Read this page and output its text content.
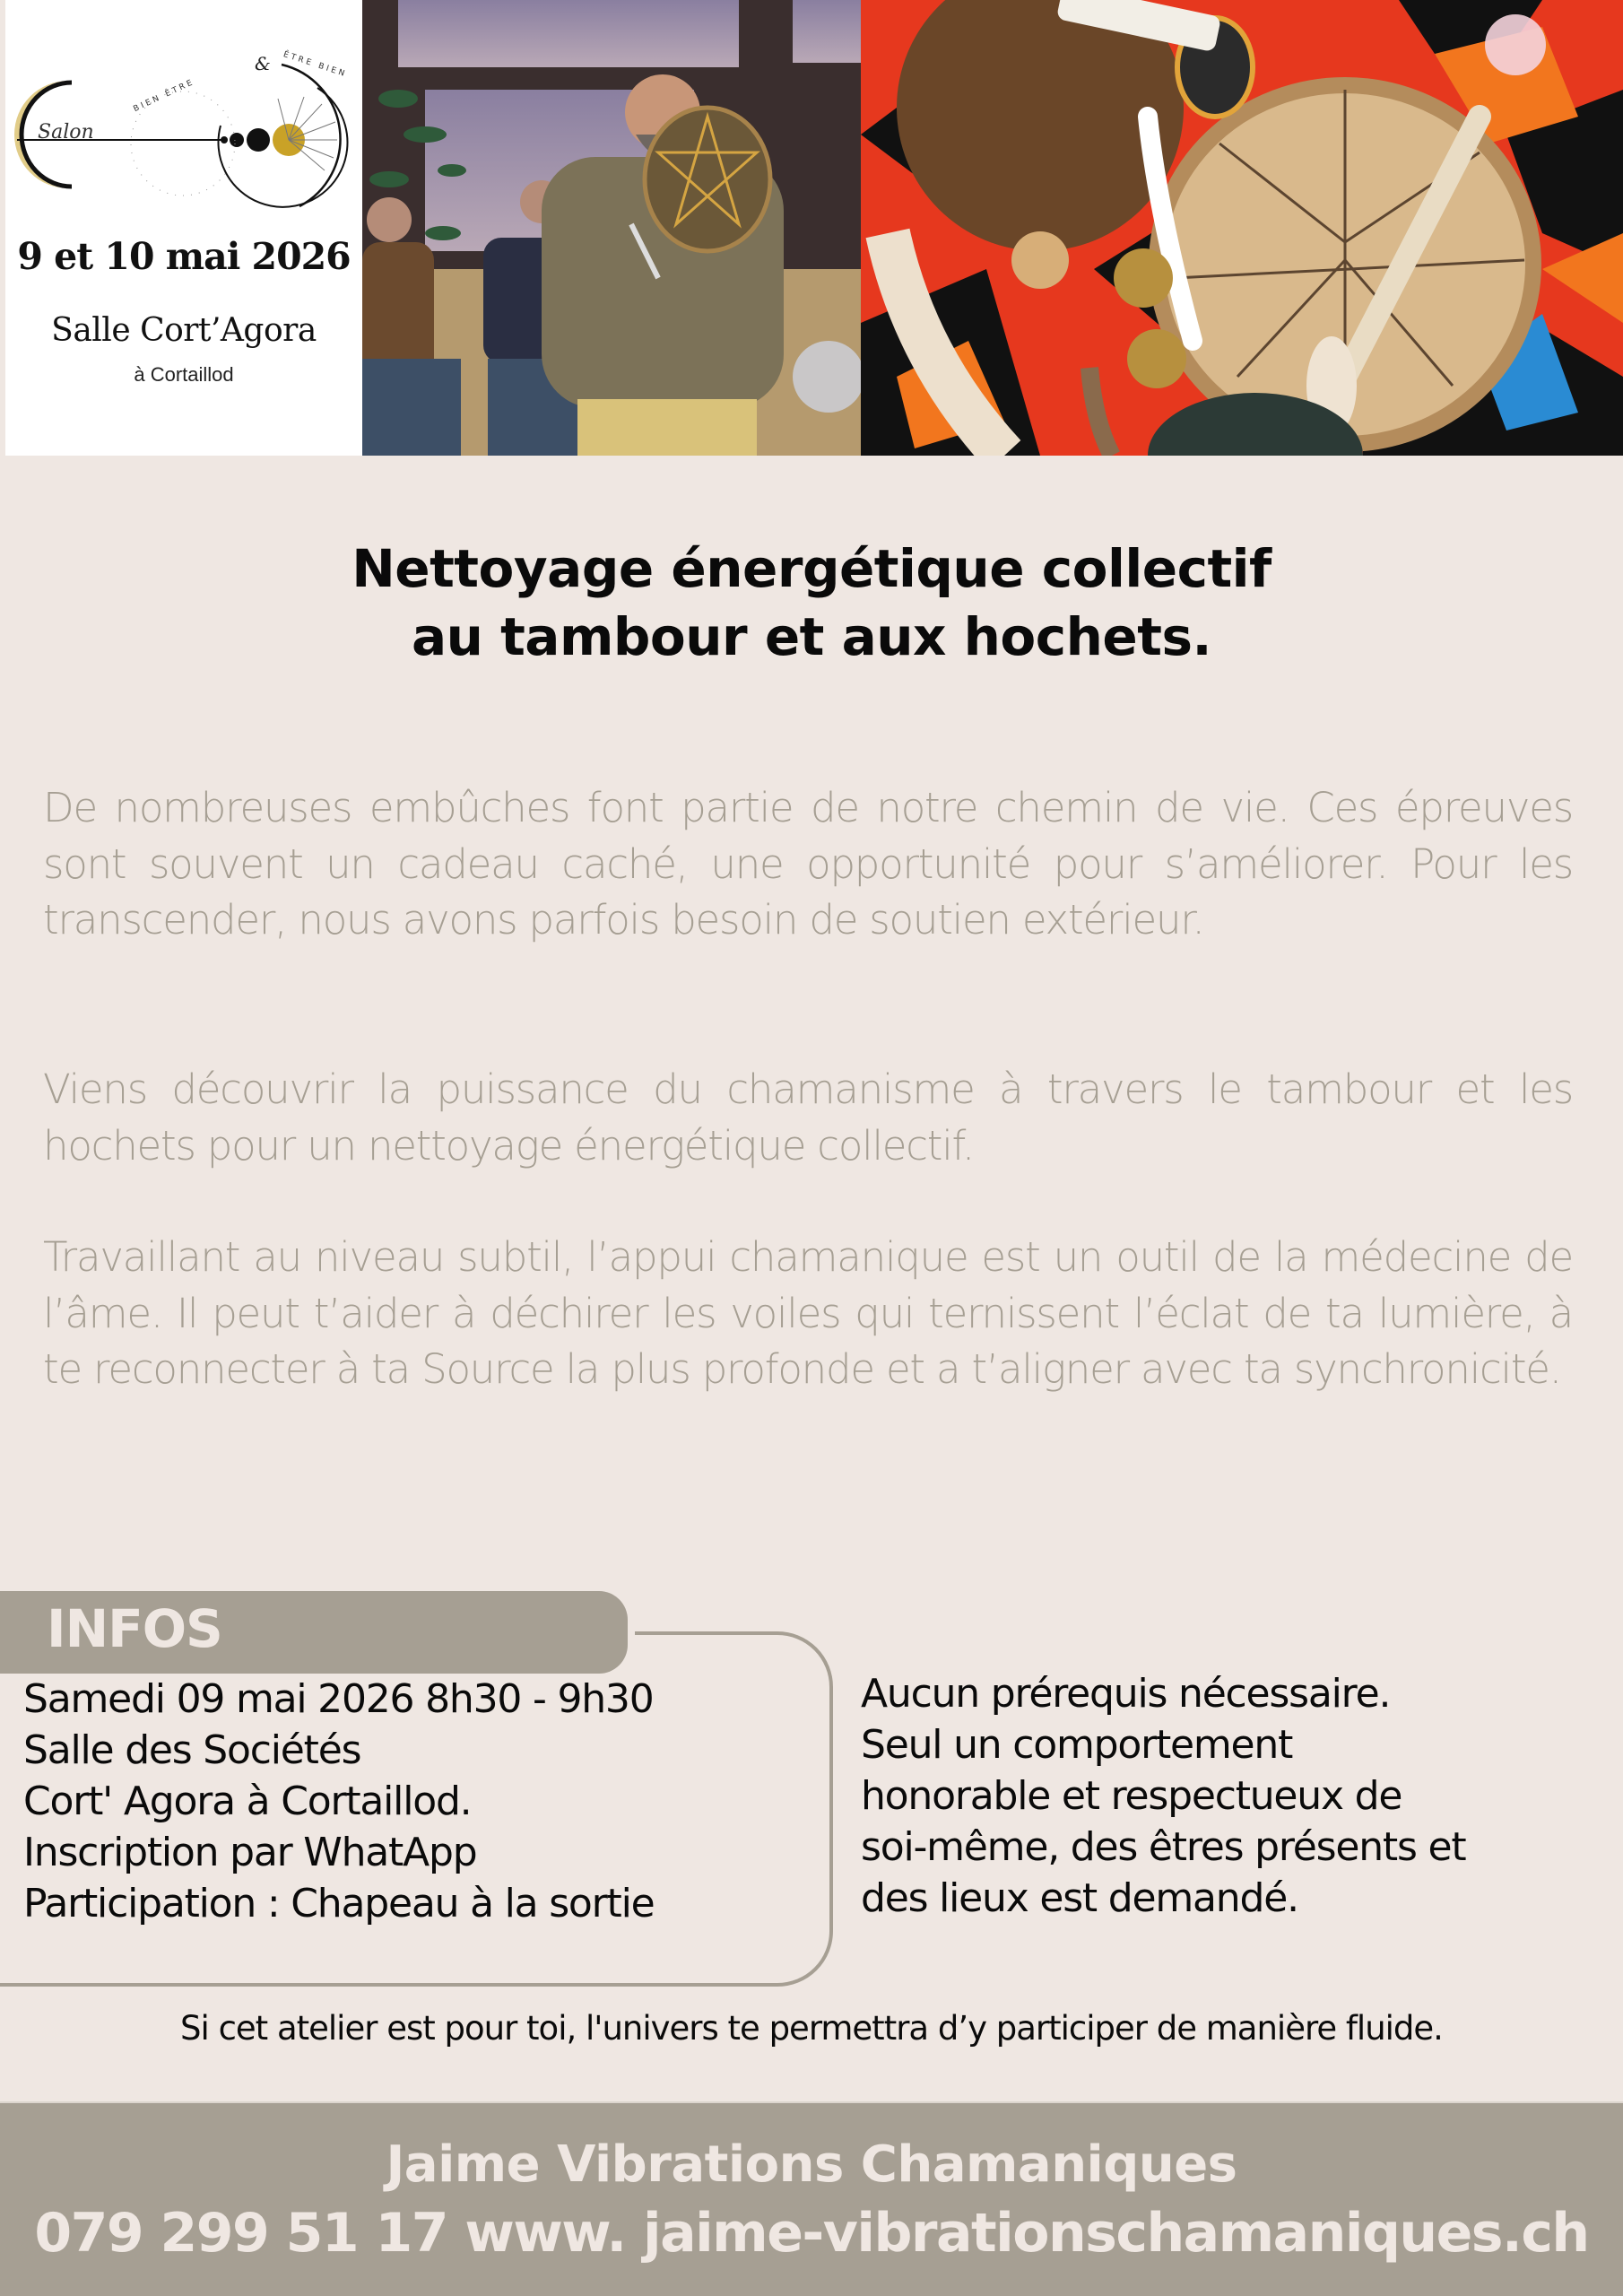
Salon
BIEN ÊTRE
& ÊTRE BIEN
9 et 10 mai 2026
Salle Cort’Agora
à Cortaillod
Nettoyage énergétique collectif
au tambour et aux hochets.

De nombreuses embûches font partie de notre chemin de vie. Ces épreuves sont souvent un cadeau caché, une opportunité pour s’améliorer. Pour les transcender, nous avons parfois besoin de soutien extérieur.

Viens découvrir la puissance du chamanisme à travers le tambour et les hochets pour un nettoyage énergétique collectif.

Travaillant au niveau subtil, l’appui chamanique est un outil de la médecine de l’âme. Il peut t’aider à déchirer les voiles qui ternissent l’éclat de ta lumière, à te reconnecter à ta Source la plus profonde et a t’aligner avec ta synchronicité.

INFOS
Samedi 09 mai 2026 8h30 - 9h30
Salle des Sociétés
Cort' Agora à Cortaillod.
Inscription par WhatApp
Participation : Chapeau à la sortie
Aucun prérequis nécessaire.
Seul un comportement
honorable et respectueux de
soi-même, des êtres présents et
des lieux est demandé.

Si cet atelier est pour toi, l'univers te permettra d’y participer de manière fluide.

Jaime Vibrations Chamaniques
079 299 51 17 www. jaime-vibrationschamaniques.ch
